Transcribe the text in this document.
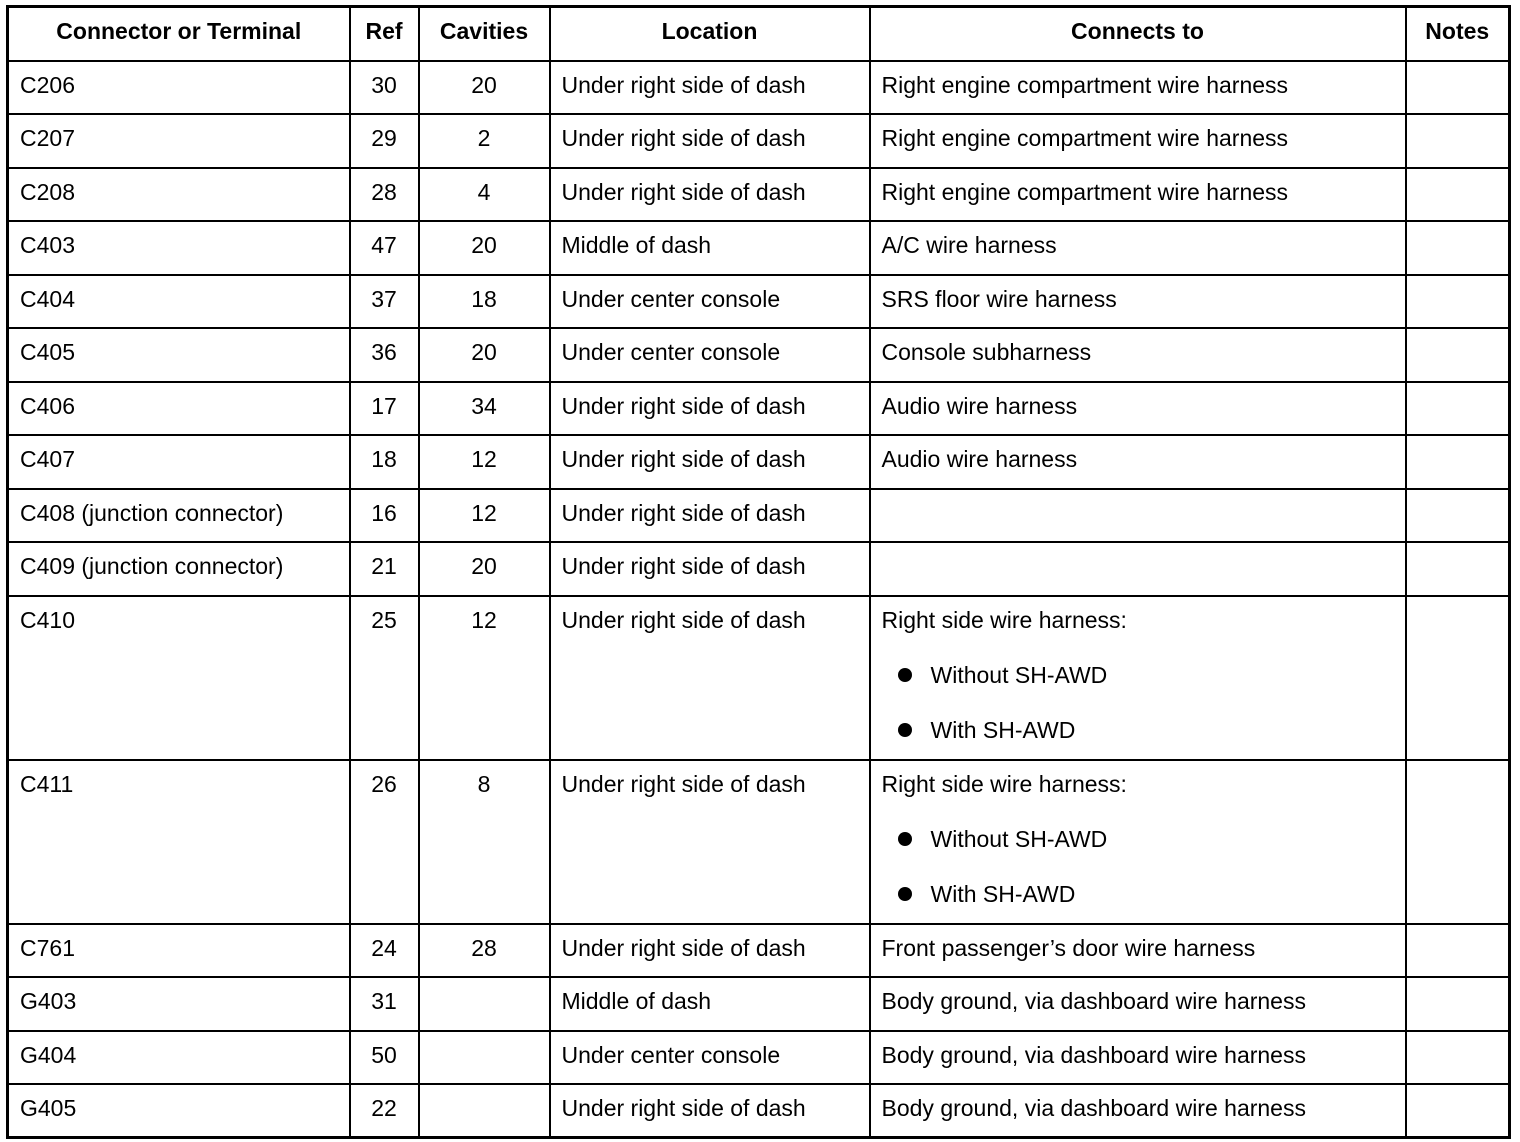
Connector or Terminal	Ref	Cavities	Location	Connects to	Notes
C206	30	20	Under right side of dash	Right engine compartment wire harness	

C207	29	2	Under right side of dash	Right engine compartment wire harness	

C208	28	4	Under right side of dash	Right engine compartment wire harness	

C403	47	20	Middle of dash	A/C wire harness	

C404	37	18	Under center console	SRS floor wire harness	

C405	36	20	Under center console	Console subharness	

C406	17	34	Under right side of dash	Audio wire harness	

C407	18	12	Under right side of dash	Audio wire harness	

C408 (junction connector)	16	12	Under right side of dash	

C409 (junction connector)	21	20	Under right side of dash	

C410	25	12	Under right side of dash	Right side wire harness:
Without SH-AWD
With SH-AWD	

C411	26	8	Under right side of dash	Right side wire harness:
Without SH-AWD
With SH-AWD	

C761	24	28	Under right side of dash	Front passenger’s door wire harness	

G403	31		Middle of dash	Body ground, via dashboard wire harness	

G404	50		Under center console	Body ground, via dashboard wire harness	

G405	22		Under right side of dash	Body ground, via dashboard wire harness	
